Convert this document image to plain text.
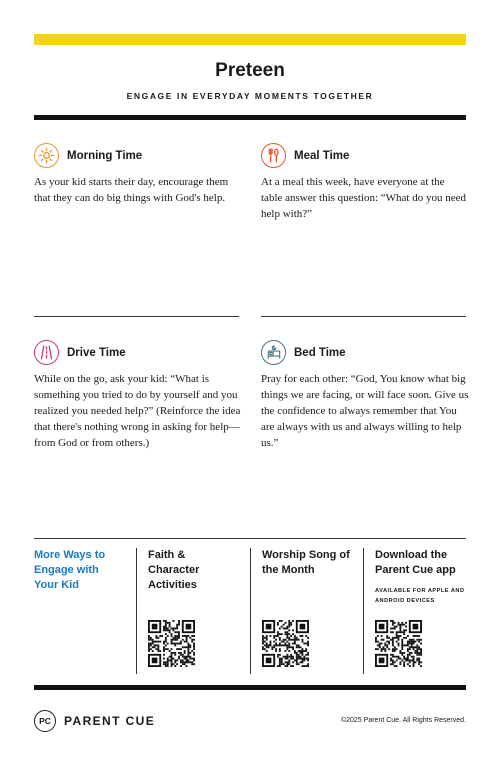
Preteen
ENGAGE IN EVERYDAY MOMENTS TOGETHER
Morning Time
As your kid starts their day, encourage them that they can do big things with God's help.
Meal Time
At a meal this week, have everyone at the table answer this question: “What do you need help with?”
Drive Time
While on the go, ask your kid: “What is something you tried to do by yourself and you realized you needed help?” (Reinforce the idea that there's nothing wrong in asking for help—from God or from others.)
Bed Time
Pray for each other: “God, You know what big things we are facing, or will face soon. Give us the confidence to always remember that You are always with us and always willing to help us.”
More Ways to Engage with Your Kid
Faith & Character Activities
Worship Song of the Month
Download the Parent Cue app
AVAILABLE FOR APPLE AND ANDROID DEVICES
PC	PARENT CUE	©2025 Parent Cue. All Rights Reserved.
